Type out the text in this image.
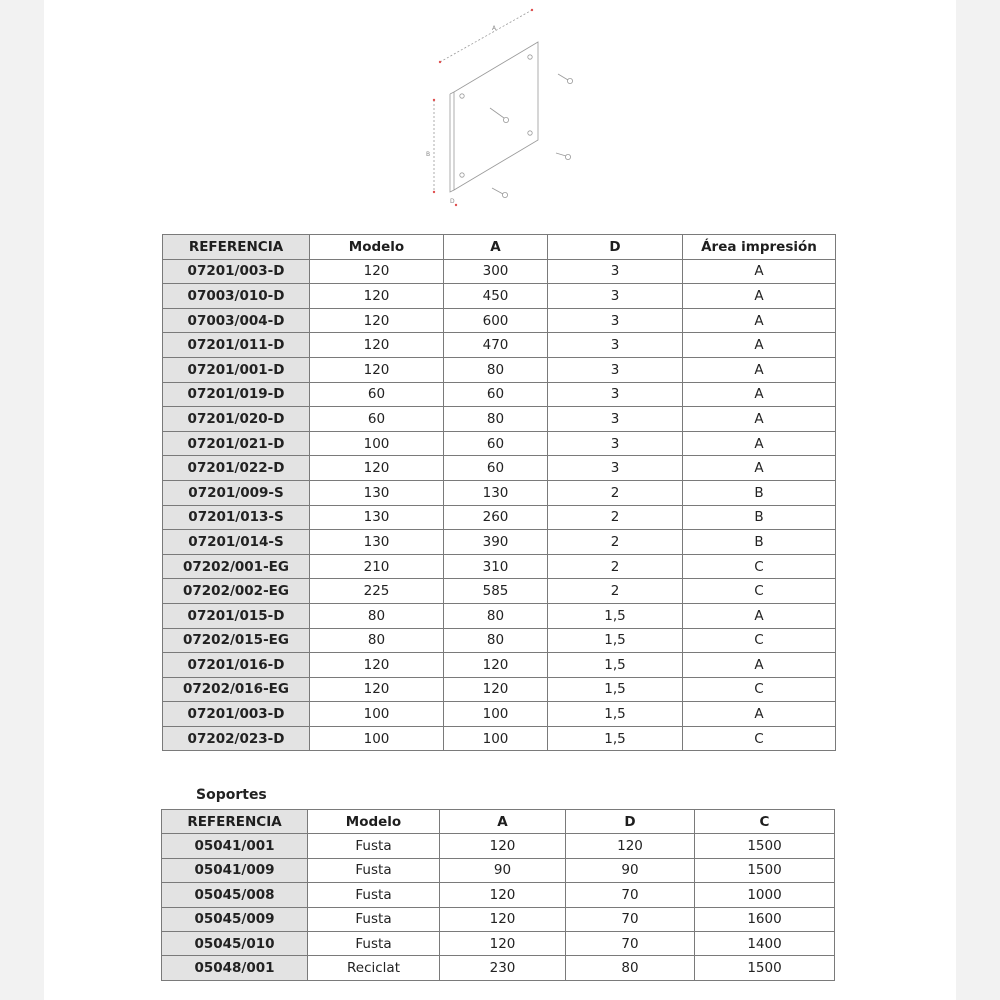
A
B
D
REFERENCIA	Modelo	A	D	Área impresión
07201/003-D	120	300	3	A
07003/010-D	120	450	3	A
07003/004-D	120	600	3	A
07201/011-D	120	470	3	A
07201/001-D	120	80	3	A
07201/019-D	60	60	3	A
07201/020-D	60	80	3	A
07201/021-D	100	60	3	A
07201/022-D	120	60	3	A
07201/009-S	130	130	2	B
07201/013-S	130	260	2	B
07201/014-S	130	390	2	B
07202/001-EG	210	310	2	C
07202/002-EG	225	585	2	C
07201/015-D	80	80	1,5	A
07202/015-EG	80	80	1,5	C
07201/016-D	120	120	1,5	A
07202/016-EG	120	120	1,5	C
07201/003-D	100	100	1,5	A
07202/023-D	100	100	1,5	C
Soportes
REFERENCIA	Modelo	A	D	C
05041/001	Fusta	120	120	1500
05041/009	Fusta	90	90	1500
05045/008	Fusta	120	70	1000
05045/009	Fusta	120	70	1600
05045/010	Fusta	120	70	1400
05048/001	Reciclat	230	80	1500
